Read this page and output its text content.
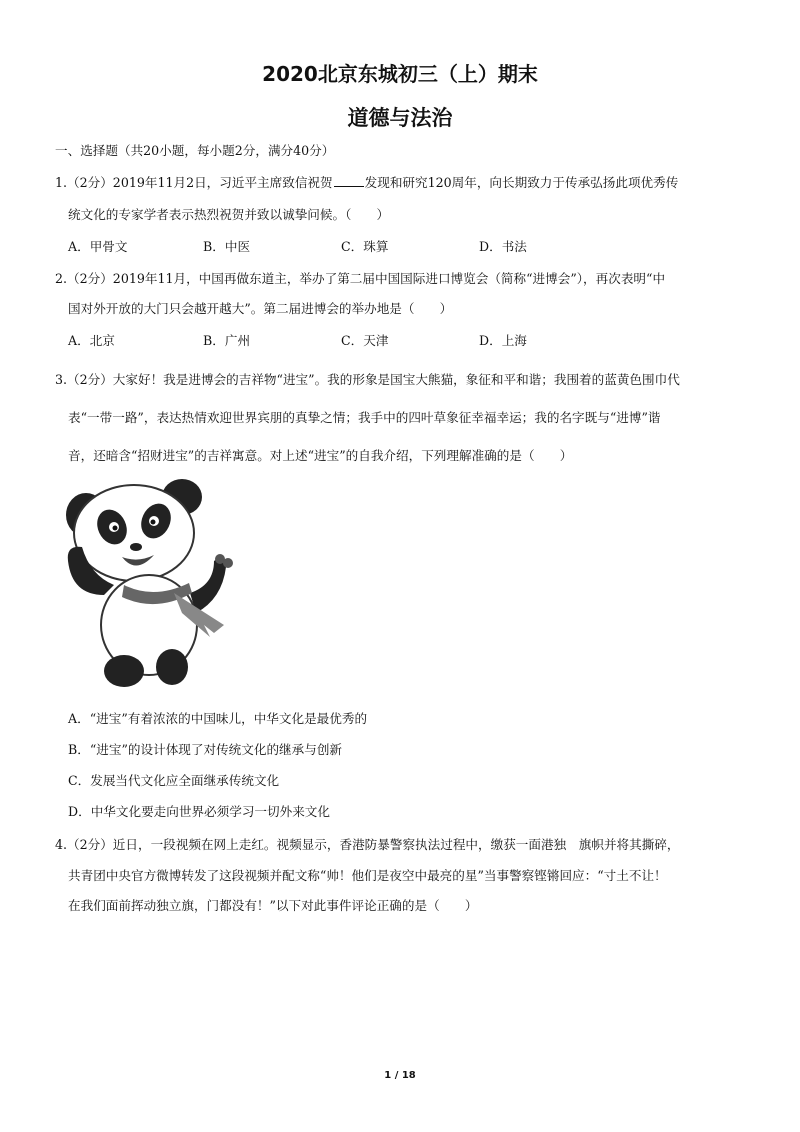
2020北京东城初三（上）期末
道德与法治
一、选择题（共20小题，每小题2分，满分40分）
1.（2分）2019年11月2日，习近平主席致信祝贺	发现和研究120周年，向长期致力于传承弘扬此项优秀传
统文化的专家学者表示热烈祝贺并致以诚挚问候。（　　）
A．甲骨文	B．中医	C．珠算	D．书法
2.（2分）2019年11月，中国再做东道主，举办了第二届中国国际进口博览会（简称“进博会”），再次表明“中
国对外开放的大门只会越开越大”。第二届进博会的举办地是（　　）
A．北京	B．广州	C．天津	D．上海
3.（2分）大家好！我是进博会的吉祥物“进宝”。我的形象是国宝大熊猫，象征和平和谐；我围着的蓝黄色围巾代
表“一带一路”，表达热情欢迎世界宾朋的真挚之情；我手中的四叶草象征幸福幸运；我的名字既与“进博”谐
音，还暗含“招财进宝”的吉祥寓意。对上述“进宝”的自我介绍，下列理解准确的是（　　）
A．“进宝”有着浓浓的中国味儿，中华文化是最优秀的
B．“进宝”的设计体现了对传统文化的继承与创新
C．发展当代文化应全面继承传统文化
D．中华文化要走向世界必须学习一切外来文化
4.（2分）近日，一段视频在网上走红。视频显示，香港防暴警察执法过程中，缴获一面港独　旗帜并将其撕碎，
共青团中央官方微博转发了这段视频并配文称“帅！他们是夜空中最亮的星”当事警察铿锵回应：“寸土不让！
在我们面前挥动独立旗，门都没有！”以下对此事件评论正确的是（　　）
1 / 18
